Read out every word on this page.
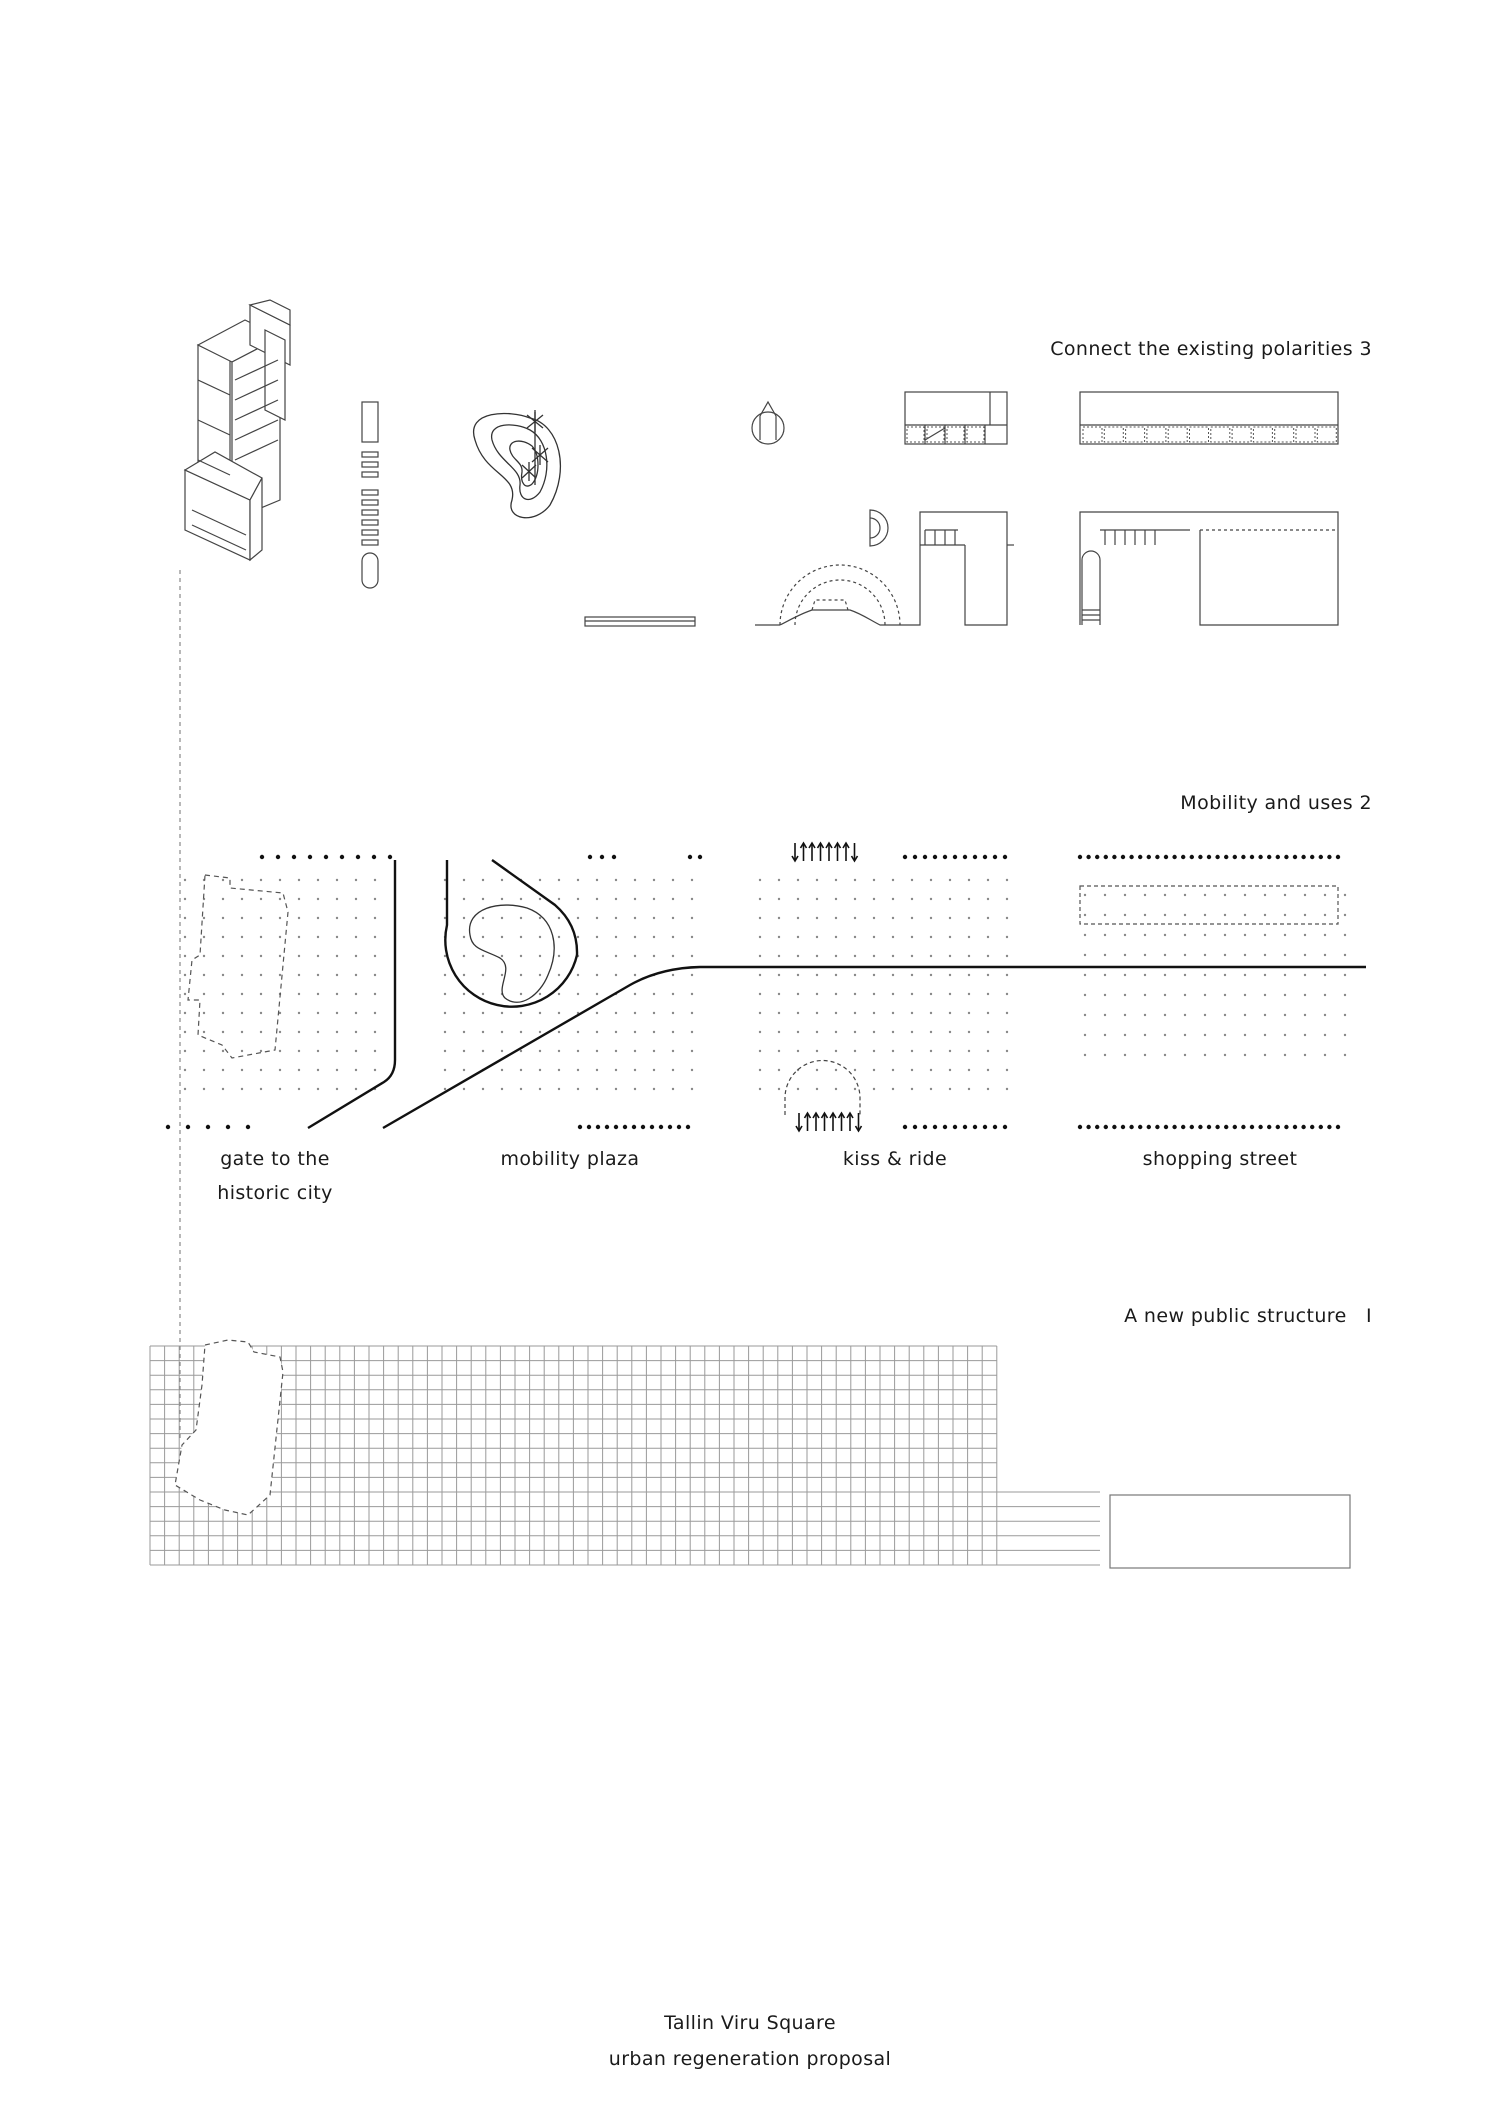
Connect the existing polarities 3
Mobility and uses 2
gate to the
historic city
mobility plaza	kiss & ride	shopping street
A new public structure   I
Tallin Viru Square
urban regeneration proposal
